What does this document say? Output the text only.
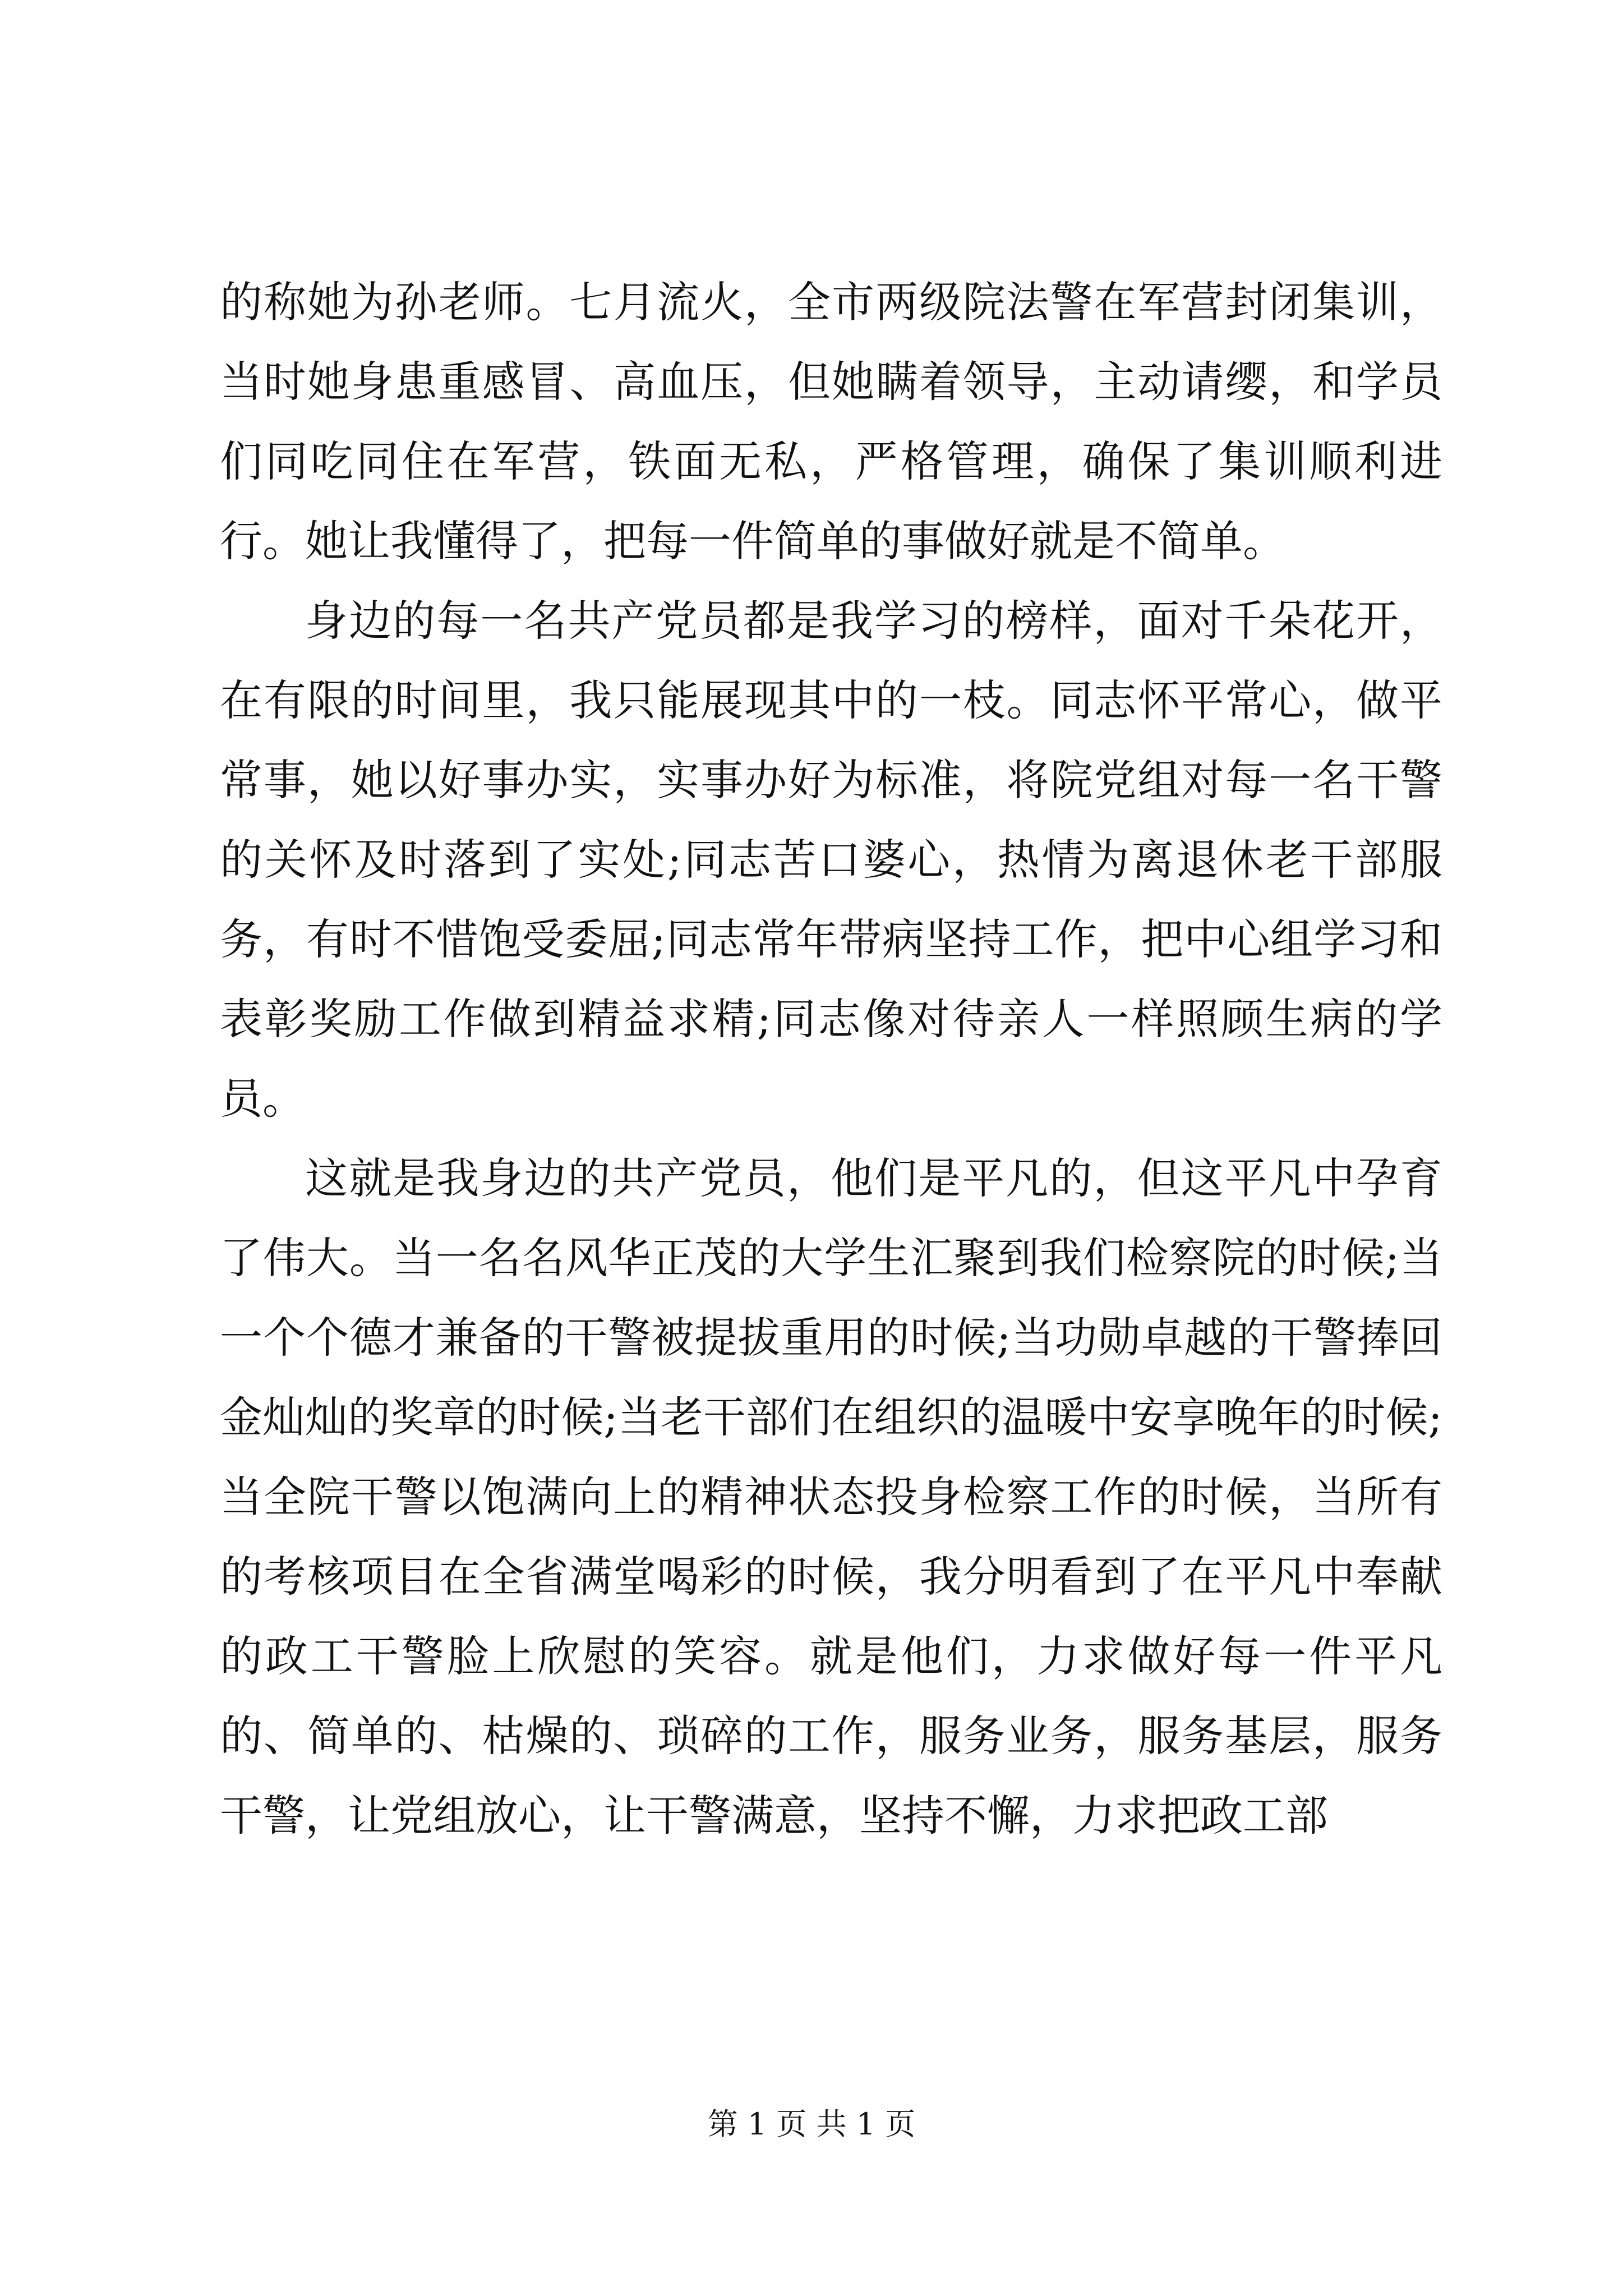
的称她为孙老师。七月流火，全市两级院法警在军营封闭集训，当时她身患重感冒、高血压，但她瞒着领导，主动请缨，和学员们同吃同住在军营，铁面无私，严格管理，确保了集训顺利进行。她让我懂得了，把每一件简单的事做好就是不简单。

身边的每一名共产党员都是我学习的榜样，面对千朵花开，在有限的时间里，我只能展现其中的一枝。同志怀平常心，做平常事，她以好事办实，实事办好为标准，将院党组对每一名干警的关怀及时落到了实处;同志苦口婆心，热情为离退休老干部服务，有时不惜饱受委屈;同志常年带病坚持工作，把中心组学习和表彰奖励工作做到精益求精;同志像对待亲人一样照顾生病的学员。

这就是我身边的共产党员，他们是平凡的，但这平凡中孕育了伟大。当一名名风华正茂的大学生汇聚到我们检察院的时候;当一个个德才兼备的干警被提拔重用的时候;当功勋卓越的干警捧回金灿灿的奖章的时候;当老干部们在组织的温暖中安享晚年的时候;当全院干警以饱满向上的精神状态投身检察工作的时候，当所有的考核项目在全省满堂喝彩的时候，我分明看到了在平凡中奉献的政工干警脸上欣慰的笑容。就是他们，力求做好每一件平凡的、简单的、枯燥的、琐碎的工作，服务业务，服务基层，服务干警，让党组放心，让干警满意，坚持不懈，力求把政工部

第 1 页 共 1 页
